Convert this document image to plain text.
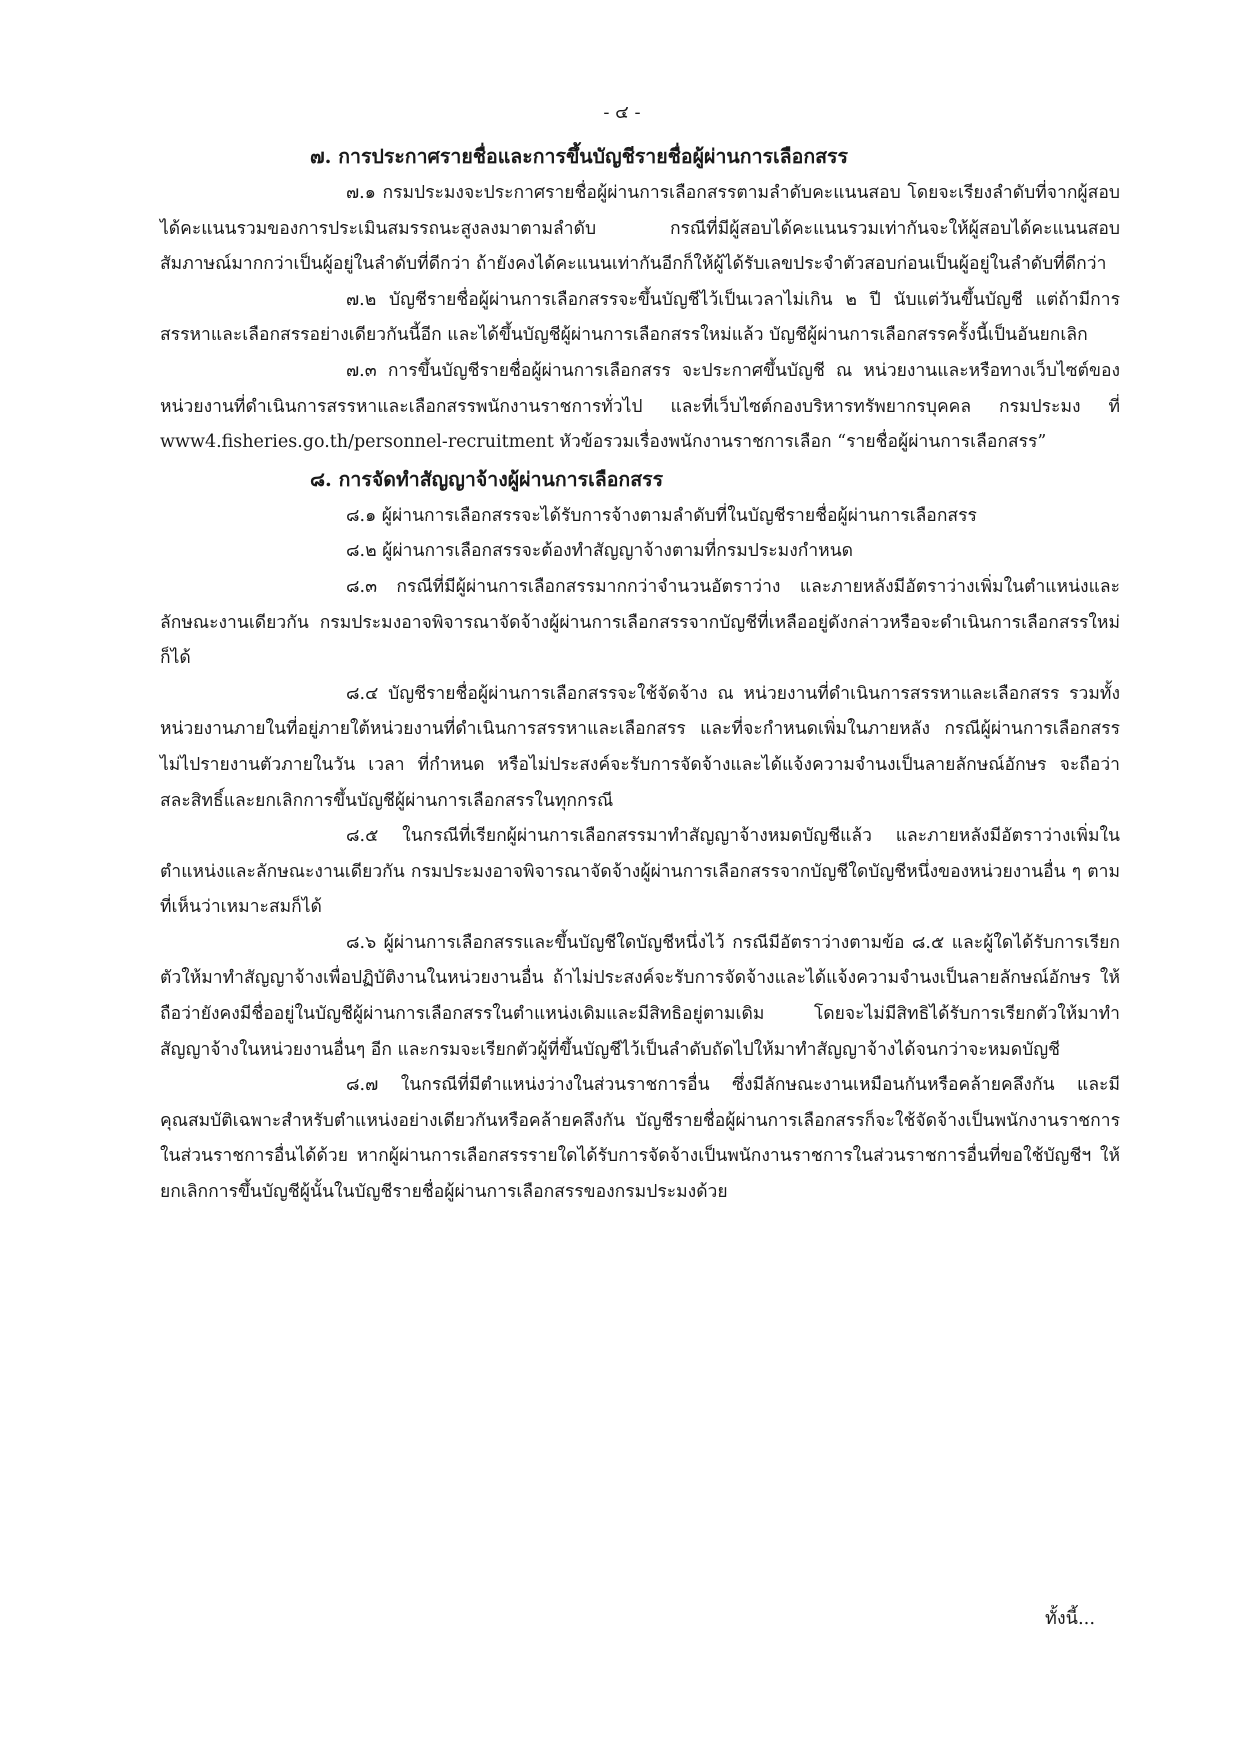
- ๔ -
๗. การประกาศรายชื่อและการขึ้นบัญชีรายชื่อผู้ผ่านการเลือกสรร

๗.๑ กรมประมงจะประกาศรายชื่อผู้ผ่านการเลือกสรรตามลำดับคะแนนสอบ โดยจะเรียงลำดับที่จากผู้สอบได้คะแนนรวมของการประเมินสมรรถนะสูงลงมาตามลำดับ กรณีที่มีผู้สอบได้คะแนนรวมเท่ากันจะให้ผู้สอบได้คะแนนสอบสัมภาษณ์มากกว่าเป็นผู้อยู่ในลำดับที่ดีกว่า ถ้ายังคงได้คะแนนเท่ากันอีกก็ให้ผู้ได้รับเลขประจำตัวสอบก่อนเป็นผู้อยู่ในลำดับที่ดีกว่า

๗.๒ บัญชีรายชื่อผู้ผ่านการเลือกสรรจะขึ้นบัญชีไว้เป็นเวลาไม่เกิน ๒ ปี นับแต่วันขึ้นบัญชี แต่ถ้ามีการสรรหาและเลือกสรรอย่างเดียวกันนี้อีก และได้ขึ้นบัญชีผู้ผ่านการเลือกสรรใหม่แล้ว บัญชีผู้ผ่านการเลือกสรรครั้งนี้เป็นอันยกเลิก

๗.๓ การขึ้นบัญชีรายชื่อผู้ผ่านการเลือกสรร จะประกาศขึ้นบัญชี ณ หน่วยงานและหรือทางเว็บไซต์ของหน่วยงานที่ดำเนินการสรรหาและเลือกสรรพนักงานราชการทั่วไป และที่เว็บไซต์กองบริหารทรัพยากรบุคคล กรมประมง ที่ www4.fisheries.go.th/personnel-recruitment หัวข้อรวมเรื่องพนักงานราชการเลือก “รายชื่อผู้ผ่านการเลือกสรร”

๘. การจัดทำสัญญาจ้างผู้ผ่านการเลือกสรร

๘.๑ ผู้ผ่านการเลือกสรรจะได้รับการจ้างตามลำดับที่ในบัญชีรายชื่อผู้ผ่านการเลือกสรร

๘.๒ ผู้ผ่านการเลือกสรรจะต้องทำสัญญาจ้างตามที่กรมประมงกำหนด

๘.๓ กรณีที่มีผู้ผ่านการเลือกสรรมากกว่าจำนวนอัตราว่าง และภายหลังมีอัตราว่างเพิ่มในตำแหน่งและลักษณะงานเดียวกัน กรมประมงอาจพิจารณาจัดจ้างผู้ผ่านการเลือกสรรจากบัญชีที่เหลืออยู่ดังกล่าวหรือจะดำเนินการเลือกสรรใหม่ก็ได้

๘.๔ บัญชีรายชื่อผู้ผ่านการเลือกสรรจะใช้จัดจ้าง ณ หน่วยงานที่ดำเนินการสรรหาและเลือกสรร รวมทั้งหน่วยงานภายในที่อยู่ภายใต้หน่วยงานที่ดำเนินการสรรหาและเลือกสรร และที่จะกำหนดเพิ่มในภายหลัง กรณีผู้ผ่านการเลือกสรรไม่ไปรายงานตัวภายในวัน เวลา ที่กำหนด หรือไม่ประสงค์จะรับการจัดจ้างและได้แจ้งความจำนงเป็นลายลักษณ์อักษร จะถือว่าสละสิทธิ์และยกเลิกการขึ้นบัญชีผู้ผ่านการเลือกสรรในทุกกรณี

๘.๕ ในกรณีที่เรียกผู้ผ่านการเลือกสรรมาทำสัญญาจ้างหมดบัญชีแล้ว และภายหลังมีอัตราว่างเพิ่มในตำแหน่งและลักษณะงานเดียวกัน กรมประมงอาจพิจารณาจัดจ้างผู้ผ่านการเลือกสรรจากบัญชีใดบัญชีหนึ่งของหน่วยงานอื่น ๆ ตามที่เห็นว่าเหมาะสมก็ได้

๘.๖ ผู้ผ่านการเลือกสรรและขึ้นบัญชีใดบัญชีหนึ่งไว้ กรณีมีอัตราว่างตามข้อ ๘.๕ และผู้ใดได้รับการเรียกตัวให้มาทำสัญญาจ้างเพื่อปฏิบัติงานในหน่วยงานอื่น ถ้าไม่ประสงค์จะรับการจัดจ้างและได้แจ้งความจำนงเป็นลายลักษณ์อักษร ให้ถือว่ายังคงมีชื่ออยู่ในบัญชีผู้ผ่านการเลือกสรรในตำแหน่งเดิมและมีสิทธิอยู่ตามเดิม โดยจะไม่มีสิทธิได้รับการเรียกตัวให้มาทำสัญญาจ้างในหน่วยงานอื่นๆ อีก และกรมจะเรียกตัวผู้ที่ขึ้นบัญชีไว้เป็นลำดับถัดไปให้มาทำสัญญาจ้างได้จนกว่าจะหมดบัญชี

๘.๗ ในกรณีที่มีตำแหน่งว่างในส่วนราชการอื่น ซึ่งมีลักษณะงานเหมือนกันหรือคล้ายคลึงกัน และมีคุณสมบัติเฉพาะสำหรับตำแหน่งอย่างเดียวกันหรือคล้ายคลึงกัน บัญชีรายชื่อผู้ผ่านการเลือกสรรก็จะใช้จัดจ้างเป็นพนักงานราชการในส่วนราชการอื่นได้ด้วย หากผู้ผ่านการเลือกสรรรายใดได้รับการจัดจ้างเป็นพนักงานราชการในส่วนราชการอื่นที่ขอใช้บัญชีฯ ให้ยกเลิกการขึ้นบัญชีผู้นั้นในบัญชีรายชื่อผู้ผ่านการเลือกสรรของกรมประมงด้วย

ทั้งนี้...
